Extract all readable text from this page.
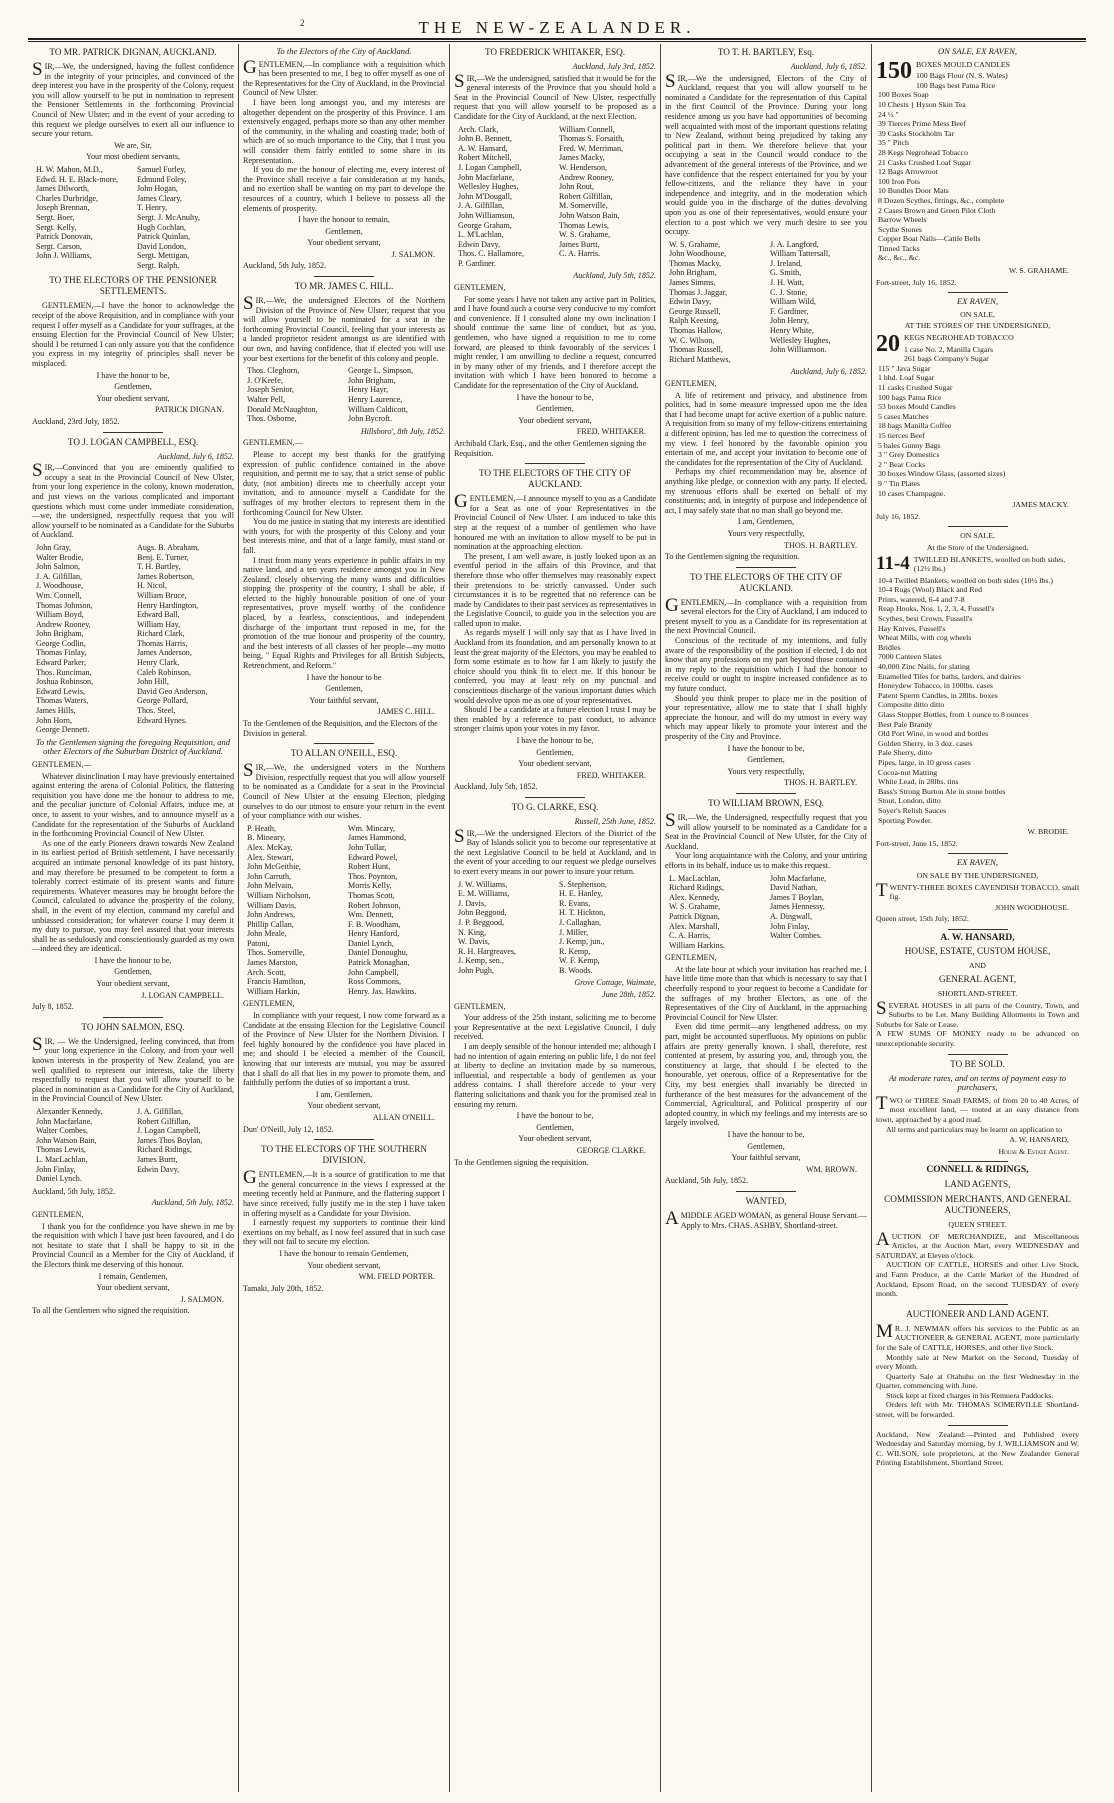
2	THE NEW-ZEALANDER.
TO MR. PATRICK DIGNAN, AUCKLAND.

SIR,—We, the undersigned, having the fullest confidence in the integrity of your principles, and convinced of the deep interest you have in the prosperity of the Colony, request you will allow yourself to be put in nomination to represent the Pensioner Settlements in the forthcoming Provincial Council of New Ulster; and in the event of your acceding to this request we pledge ourselves to exert all our influence to secure your return.

We are, Sir,
Your most obedient servants,
H. W. Mahon, M.D.,	Samuel Furley,
Edwd. H. E. Black-more,	Edmund Foley,
James Dilworth,	John Hogan,
Charles Durbridge,	James Cleary,
Joseph Brennan,	T. Henry,
Sergt. Boer,	Sergt. J. McAnulty,
Sergt. Kelly,	Hugh Cochlan,
Patrick Donovan,	Patrick Quinlan,
Sergt. Carson,	David London,
John J. Williams,	Sergt. Mettigan,
Sergt. Ralph.
TO THE ELECTORS OF THE PENSIONER SETTLEMENTS.

GENTLEMEN,—I have the honor to acknowledge the receipt of the above Requisition, and in compliance with your request I offer myself as a Candidate for your suffrages, at the ensuing Election for the Provincial Council of New Ulster; should I be returned I can only assure you that the confidence you express in my integrity of principles shall never be misplaced.

I have the honor to be,
Gentlemen,
Your obedient servant,
PATRICK DIGNAN.
Auckland, 23rd July, 1852.
TO J. LOGAN CAMPBELL, ESQ.
Auckland, July 6, 1852.

SIR,—Convinced that you are eminently qualified to occupy a seat in the Provincial Council of New Ulster, from your long experience in the colony, known moderation, and just views on the various complicated and important questions which must come under immediate consideration,—we, the undersigned, respectfully request that you will allow yourself to be nominated as a Candidate for the Suburbs of Auckland.

John Gray,	Augs. B. Abraham,
Walter Brodie,	Benj. E. Turner,
John Salmon,	T. H. Bartley,
J. A. Gilfillan,	James Robertson,
J. Woodhouse,	H. Nicol,
Wm. Connell,	William Bruce,
Thomas Johnson,	Henry Hardington,
William Boyd,	Edward Ball,
Andrew Rooney,	William Hay,
John Brigham,	Richard Clark,
George Codlin,	Thomas Harris,
Thomas Finlay,	James Anderson,
Edward Parker,	Henry Clark,
Thos. Runciman,	Caleb Robinson,
Joshua Robinson,	John Hill,
Edward Lewis,	David Geo Anderson,
Thomas Waters,	George Pollard,
James Hills,	Thos. Steel,
John Horn,	Edward Hynes.
George Dennett.
To the Gentlemen signing the foregoing Requisition, and other Electors of the Suburban District of Auckland.
GENTLEMEN,—

Whatever disinclination I may have previously entertained against entering the arena of Colonial Politics, the flattering requisition you have done me the honour to address to me, and the peculiar juncture of Colonial Affairs, induce me, at once, to assent to your wishes, and to announce myself as a Candidate for the representation of the Suburbs of Auckland in the forthcoming Provincial Council of New Ulster.

As one of the early Pioneers drawn towards New Zealand in its earliest period of British settlement, I have necessarily acquired an intimate personal knowledge of its past history, and may therefore be presumed to be competent to form a tolerably correct estimate of its present wants and future requirements. Whatever measures may be brought before the Council, calculated to advance the prosperity of the colony, shall, in the event of my election, command my careful and unbiassed consideration; for whatever course I may deem it my duty to pursue, you may feel assured that your interests shall be as sedulously and conscientiously guarded as my own—indeed they are identical.

I have the honour to be,
Gentlemen,
Your obedient servant,
J. LOGAN CAMPBELL.
July 8, 1852.
TO JOHN SALMON, ESQ.

SIR, — We the Undersigned, feeling convinced, that from your long experience in the Colony, and from your well known interests in the prosperity of New Zealand, you are well qualified to represent our interests, take the liberty respectfully to request that you will allow yourself to be placed in nomination as a Candidate for the City of Auckland, in the Provincial Council of New Ulster.

Alexander Kennedy,	J. A. Gilfillan,
John Macfarlane,	Robert Gilfillan,
Walter Combes,	J. Logan Campbell,
John Watson Bain,	James Thos Boylan,
Thomas Lewis,	Richard Ridings,
L. MacLachlan,	James Burtt,
John Finlay,	Edwin Davy,
Daniel Lynch.
Auckland, 5th July, 1852.
Auckland, 5th July, 1852.
GENTLEMEN,

I thank you for the confidence you have shewn in me by the requisition with which I have just been favoured, and I do not hesitate to state that I shall be happy to sit in the Provincial Council as a Member for the City of Auckland, if the Electors think me deserving of this honour.

I remain, Gentlemen,
Your obedient servant,
J. SALMON.
To all the Gentlemen who signed the requisition.
To the Electors of the City of Auckland.

GENTLEMEN,—In compliance with a requisition which has been presented to me, I beg to offer myself as one of the Representatives for the City of Auckland, in the Provincial Council of New Ulster.

I have been long amongst you, and my interests are altogether dependent on the prosperity of this Province. I am extensively engaged, perhaps more so than any other member of the community, in the whaling and coasting trade; both of which are of so much importance to the City, that I trust you will consider them fairly entitled to some share in its Representation.

If you do me the honour of electing me, every interest of the Province shall receive a fair consideration at my hands, and no exertion shall be wanting on my part to develope the resources of a country, which I believe to possess all the elements of prosperity.

I have the honour to remain,
Gentlemen,
Your obedient servant,
J. SALMON.
Auckland, 5th July, 1852.
TO MR. JAMES C. HILL.

SIR,—We, the undersigned Electors of the Northern Division of the Province of New Ulster, request that you will allow yourself to be nominated for a seat in the forthcoming Provincial Council, feeling that your interests as a landed proprietor resident amongst us are identified with our own, and having confidence, that if elected you will use your best exertions for the benefit of this colony and people.

Thos. Cleghorn,	George L. Simpson,
J. O'Keefe,	John Brigham,
Joseph Senior,	Henry Hayr,
Walter Pell,	Henry Laurence,
Donald McNaughton,	William Caldicott,
Thos. Osborne,	John Bycroft.
Hillsboro', 8th July, 1852.
GENTLEMEN,—

Please to accept my best thanks for the gratifying expression of public confidence contained in the above requisition, and permit me to say, that a strict sense of public duty, (not ambition) directs me to cheerfully accept your invitation, and to announce myself a Candidate for the suffrages of my brother electors to represent them in the forthcoming Council for New Ulster.

You do me justice in stating that my interests are identified with yours, for with the prosperity of this Colony and your best interests mine, and that of a large family, must stand or fall.

I trust from many years experience in public affairs in my native land, and a ten years residence amongst you in New Zealand, closely observing the many wants and difficulties stopping the prosperity of the country, I shall be able, if elected to the highly honourable position of one of your representatives, prove myself worthy of the confidence placed, by a fearless, conscientious, and independent discharge of the important trust reposed in me, for the promotion of the true honour and prosperity of the country, and the best interests of all classes of her people—my motto being, " Equal Rights and Privileges for all British Subjects, Retrenchment, and Reform."

I have the honour to be
Gentlemen,
Your faithful servant,
JAMES C. HILL.
To the Gentlemen of the Requisition, and the Electors of the Division in general.
TO ALLAN O'NEILL, ESQ.

SIR,—We, the undersigned voters in the Northern Division, respectfully request that you will allow yourself to be nominated as a Candidate for a seat in the Provincial Council of New Ulster at the ensuing Election, pledging ourselves to do our utmost to ensure your return in the event of your compliance with our wishes.

P. Heath,	Wm. Mincary,
B. Mineary,	James Hammond,
Alex. McKay,	John Tullar,
Alex. Stewart,	Edward Powel,
John McGeithie,	Robert Hunt,
John Carruth,	Thos. Poynton,
John Melvain,	Morris Kelly,
William Nicholson,	Thomas Scott,
William Davis,	Robert Johnson,
John Andrews,	Wm. Dennett,
Phillip Callan,	F. B. Woodham,
John Meale,	Henry Hanford,
Patoni,	Daniel Lynch,
Thos. Somerville,	Daniel Donoughu,
James Marston,	Patrick Monaghan,
Arch. Scott,	John Campbell,
Francis Hamilton,	Ross Commons,
William Harkin,	Henry. Jas. Hawkins.
GENTLEMEN,

In compliance with your request, I now come forward as a Candidate at the ensuing Election for the Legislative Council of the Province of New Ulster for the Northern Division. I feel highly honoured by the confidence you have placed in me; and should I be elected a member of the Council, knowing that our interests are mutual, you may be assured that I shall do all that lies in my power to promote them, and faithfully perform the duties of so important a trust.

I am, Gentlemen,
Your obedient servant,
ALLAN O'NEILL.
Dun' O'Neill, July 12, 1852.
TO THE ELECTORS OF THE SOUTHERN DIVISION.

GENTLEMEN,—It is a source of gratification to me that the general concurrence in the views I expressed at the meeting recently held at Panmure, and the flattering support I have since received, fully justify me in the step I have taken in offering myself as a Candidate for your Division.

I earnestly request my supporters to continue their kind exertions on my behalf, as I now feel assured that in such case they will not fail to secure my election.

I have the honour to remain Gentlemen,
Your obedient servant,
WM. FIELD PORTER.
Tamaki, July 20th, 1852.
TO FREDERICK WHITAKER, ESQ.
Auckland, July 3rd, 1852.

SIR,—We the undersigned, satisfied that it would be for the general interests of the Province that you should hold a Seat in the Provincial Council of New Ulster, respectfully request that you will allow yourself to be proposed as a Candidate for the City of Auckland, at the next Election.

Arch. Clark,	William Connell,
John B. Bennett,	Thomas S. Forsaith,
A. W. Hansard,	Fred. W. Merriman,
Robert Mitchell,	James Macky,
J. Logan Campbell,	W. Henderson,
John Macfarlane,	Andrew Rooney,
Wellesley Hughes,	John Rout,
John M'Dougall,	Robert Gilfillan,
J. A. Gilfillan,	M. Somerville,
John Williamson,	John Watson Bain,
George Graham,	Thomas Lewis,
L. M'Lachlan,	W. S. Grahame,
Edwin Davy,	James Burtt,
Thos. C. Hallamore,	C. A. Harris.
P. Gardiner.
Auckland, July 5th, 1852.
GENTLEMEN,

For some years I have not taken any active part in Politics, and I have found such a course very conducive to my comfort and convenience. If I consulted alone my own inclination I should continue the same line of conduct, but as you, gentlemen, who have signed a requisition to me to come forward, are pleased to think favourably of the services I might render, I am unwilling to decline a request, concurred in by many other of my friends, and I therefore accept the invitation with which I have been honored to become a Candidate for the representation of the City of Auckland.

I have the honour to be,
Gentlemen,
Your obedient servant,
FRED. WHITAKER.
Archibald Clark, Esq., and the other Gentlemen signing the Requisition.
TO THE ELECTORS OF THE CITY OF AUCKLAND.

GENTLEMEN,—I announce myself to you as a Candidate for a Seat as one of your Representatives in the Provincial Council of New Ulster. I am induced to take this step at the request of a number of gentlemen who have honoured me with an invitation to allow myself to be put in nomination at the approaching election.

The present, I am well aware, is justly looked upon as an eventful period in the affairs of this Province, and that therefore those who offer themselves may reasonably expect their pretensions to be strictly canvassed. Under such circumstances it is to be regretted that no reference can be made by Candidates to their past services as representatives in the Legislative Council, to guide you in the selection you are called upon to make.

As regards myself I will only say that as I have lived in Auckland from its foundation, and am personally known to at least the great majority of the Electors, you may be enabled to form some estimate as to how far I am likely to justify the choice should you think fit to elect me. If this honour be conferred, you may at least rely on my punctual and conscientious discharge of the various important duties which would devolve upon me as one of your representatives.

Should I be a candidate at a future election I trust I may be then enabled by a reference to past conduct, to advance stronger claims upon your votes in my favor.

I have the honour to be,
Gentlemen,
Your obedient servant,
FRED. WHITAKER.
Auckland, July 5th, 1852.
TO G. CLARKE, ESQ.
Russell, 25th June, 1852.

SIR,—We the undersigned Electors of the District of the Bay of Islands solicit you to become our representative at the next Legislative Council to be held at Auckland, and in the event of your acceding to our request we pledge ourselves to exert every means in our power to insure your return.

J. W. Williams,	S. Stephenson,
E. M. Williams,	H. E. Hanley,
J. Davis,	R. Evans,
John Beggood,	H. T. Hickton,
J. P. Beggood,	J. Callaghan,
N. King,	J. Miller,
W. Davis,	J. Kemp, jun.,
R. H. Hargreaves,	R. Kemp,
J. Kemp, sen.,	W. F. Kemp,
John Pugh,	B. Woods.
Grove Cottage, Waimate,
June 28th, 1852.
GENTLEMEN,

Your address of the 25th instant, soliciting me to become your Representative at the next Legislative Council, I duly received.

I am deeply sensible of the honour intended me; although I had no intention of again entering on public life, I do not feel at liberty to decline an invitation made by so numerous, influential, and respectable a body of gentlemen as your address contains. I shall therefore accede to your very flattering solicitations and thank you for the promised zeal in ensuring my return.

I have the honour to be,
Gentlemen,
Your obedient servant,
GEORGE CLARKE.
To the Gentlemen signing the requisition.
TO T. H. BARTLEY, Esq.
Auckland, July 6, 1852.

SIR,—We the undersigned, Electors of the City of Auckland, request that you will allow yourself to be nominated a Candidate for the representation of this Capital in the first Council of the Province. During your long residence among us you have had opportunities of becoming well acquainted with most of the important questions relating to New Zealand, without being prejudiced by taking any political part in them. We therefore believe that your occupying a seat in the Council would conduce to the advancement of the general interests of the Province, and we have confidence that the respect entertained for you by your fellow-citizens, and the reliance they have in your independence and integrity, and in the moderation which would guide you in the discharge of the duties devolving upon you as one of their representatives, would ensure your election to a post which we very much desire to see you occupy.

W. S. Grahame,	J. A. Langford,
John Woodhouse,	William Tattersall,
Thomas Macky,	J. Ireland,
John Brigham,	G. Smith,
James Simms,	J. H. Watt,
Thomas J. Jaggar,	C. J. Stone,
Edwin Davy,	William Wild,
George Russell,	F. Gardiner,
Ralph Keesing,	John Henry,
Thomas Hallow,	Henry White,
W. C. Wilson,	Wellesley Hughes,
Thomas Russell,	John Williamson.
Richard Matthews,
Auckland, July 6, 1852.
GENTLEMEN,

A life of retirement and privacy, and abstinence from politics, had in some measure impressed upon me the idea that I had become unapt for active exertion of a public nature. A requisition from so many of my fellow-citizens entertaining a different opinion, has led me to question the correctness of my view. I feel honored by the favorable opinion you entertain of me, and accept your invitation to become one of the candidates for the representation of the City of Auckland.

Perhaps my chief recommendation may be, absence of anything like pledge, or connexion with any party. If elected, my strenuous efforts shall be exerted on behalf of my constituents; and, in integrity of purpose and independence of act, I may safely state that no man shall go beyond me.

I am, Gentlemen,
Yours very respectfully,
THOS. H. BARTLEY.
To the Gentlemen signing the requisition.
TO THE ELECTORS OF THE CITY OF AUCKLAND.

GENTLEMEN,—In compliance with a requisition from several electors for the City of Auckland, I am induced to present myself to you as a Candidate for its representation at the next Provincial Council.

Conscious of the rectitude of my intentions, and fully aware of the responsibility of the position if elected, I do not know that any professions on my part beyond those contained in my reply to the requisition which I had the honour to receive could or ought to inspire increased confidence as to my future conduct.

Should you think proper to place me in the position of your representative, allow me to state that I shall highly appreciate the honour, and will do my utmost in every way which may appear likely to promote your interest and the prosperity of the City and Province.

I have the honour to be,
Gentlemen,
Yours very respectfully,
THOS. H. BARTLEY.
TO WILLIAM BROWN, ESQ.

SIR,—We, the Undersigned, respectfully request that you will allow yourself to be nominated as a Candidate for a Seat in the Provincial Council of New Ulster, for the City of Auckland.

Your long acquaintance with the Colony, and your untiring efforts in its behalf, induce us to make this request.

L. MacLachlan,	John Macfarlane,
Richard Ridings,	David Nathan,
Alex. Kennedy,	James T Boylan,
W. S. Grahame,	James Hennessy,
Patrick Dignan,	A. Dingwall,
Alex. Marshall,	John Finlay,
C. A. Harris,	Walter Combes.
William Harkins.
GENTLEMEN,

At the late hour at which your invitation has reached me, I have little time more than that which is necessary to say that I cheerfully respond to your request to become a Candidate for the suffrages of my brother Electors, as one of the Representatives of the City of Auckland, in the approaching Provincial Council for New Ulster.

Even did time permit—any lengthened address, on my part, might be accounted superfluous. My opinions on public affairs are pretty generally known. I shall, therefore, rest contented at present, by assuring you, and, through you, the constituency at large, that should I be elected to the honourable, yet onerous, office of a Representative for the City, my best energies shall invariably be directed in furtherance of the best measures for the advancement of the Commercial, Agricultural, and Political prosperity of our adopted country, in which my feelings and my interests are so largely involved.

I have the honour to be,
Gentlemen,
Your faithful servant,
WM. BROWN.
Auckland, 5th July, 1852.
WANTED,

AMIDDLE AGED WOMAN, as general House Servant.—Apply to Mrs. CHAS. ASHBY, Shortland-street.

ON SALE, EX RAVEN,
150 BOXES MOULD CANDLES
100 Bags Flour (N. S. Wales)
100 Bags best Patna Rice
100 Boxes Soap
10 Chests } Hyson Skin Tea
24 ½ "
39 Tierces Prime Mess Beef
39 Casks Stockholm Tar
35 " Pitch
28 Kegs Negrohead Tobacco
21 Casks Crushed Loaf Sugar
12 Bags Arrowroot
100 Iron Pots
10 Bundles Door Mats
8 Dozen Scythes, fittings, &c., complete
2 Cases Brown and Green Pilot Cloth
Barrow Wheels
Scythe Stones
Copper Boat Nails—Cattle Bells
Tinned Tacks
&c., &c., &c.
W. S. GRAHAME.
Fort-street, July 16, 1852.
EX RAVEN,
ON SALE,
AT THE STORES OF THE UNDERSIGNED,
20 KEGS NEGROHEAD TOBACCO
1 case No. 2, Manilla Cigars
261 bags Company's Sugar
115 " Java Sugar
1 hhd. Loaf Sugar
11 casks Crushed Sugar
100 bags Patna Rice
53 boxes Mould Candles
5 cases Matches
18 bags Manilla Coffee
15 tierces Beef
5 bales Gunny Bags
3 " Grey Domestics
2 " Bear Cocks
30 boxes Window Glass, (assorted sizes)
9 " Tin Plates
10 cases Champagne.
JAMES MACKY.
July 16, 1852.
ON SALE,
At the Store of the Undersigned,
11-4 TWILLED BLANKETS, woolled on both sides, (12½ lbs.)
10-4 Twilled Blankets, woolled on both sides (10½ lbs.)
10-4 Rugs (Wool) Black and Red
Prints, watered, 6-4 and 7-8
Reap Hooks, Nos. 1, 2, 3, 4, Fussell's
Scythes, best Crown, Fussell's
Hay Knives, Fussell's
Wheat Mills, with cog wheels
Bridles
7000 Canteen Slates
40,000 Zinc Nails, for slating
Enamelled Tiles for baths, larders, and dairies
Honeydew Tobacco, in 100lbs. cases
Patent Sperm Candles, in 28lbs. boxes
Composite ditto ditto
Glass Stopper Bottles, from 1 ounce to 8 ounces
Best Pale Brandy
Old Port Wine, in wood and bottles
Golden Sherry, in 3 doz. cases
Pale Sherry, ditto
Pipes, large, in 10 gross cases
Cocoa-nut Matting
White Lead, in 28lbs. tins
Bass's Strong Burton Ale in stone bottles
Stout, London, ditto
Soyer's Relish Sauces
Sporting Powder.
W. BRODIE.
Fort-street, June 15, 1852.
EX RAVEN,
ON SALE BY THE UNDERSIGNED,

TWENTY-THREE BOXES CAVENDISH TOBACCO, small fig.

JOHN WOODHOUSE.
Queen street, 15th July, 1852.
A. W. HANSARD,
HOUSE, ESTATE, CUSTOM HOUSE,
AND
GENERAL AGENT,
SHORTLAND-STREET.

SEVERAL HOUSES in all parts of the Country, Town, and Suburbs to be Let. Many Building Allotments in Town and Suburbs for Sale or Lease.

A FEW SUMS OF MONEY ready to be advanced on unexceptionable security.

TO BE SOLD.
At moderate rates, and on terms of payment easy to purchasers,

TWO or THREE Small FARMS, of from 20 to 40 Acres, of most excellent land, — touted at an easy distance from town, approached by a good road.

All terms and particulars may be learnt on application to

A. W. HANSARD,
House & Estate Agent.
CONNELL & RIDINGS,
LAND AGENTS,
COMMISSION MERCHANTS, AND GENERAL AUCTIONEERS,
QUEEN STREET.

AUCTION OF MERCHANDIZE, and Miscellaneous Articles, at the Auction Mart, every WEDNESDAY and SATURDAY, at Eleven o'clock.

AUCTION OF CATTLE, HORSES and other Live Stock, and Farm Produce, at the Cattle Market of the Hundred of Auckland, Epsom Road, on the second TUESDAY of every month.

AUCTIONEER AND LAND AGENT.

MR. J. NEWMAN offers his services to the Public as an AUCTIONEER & GENERAL AGENT, more particularly for the Sale of CATTLE, HORSES, and other live Stock.

Monthly sale at New Market on the Second, Tuesday of every Month.

Quarterly Sale at Otahuhu on the first Wednesday in the Quarter, commencing with June.

Stock kept at fixed charges in his Remuera Paddocks.

Orders left with Mr. THOMAS SOMERVILLE Shortland-street, will be forwarded.

Auckland, New Zealand:—Printed and Published every Wednesday and Saturday morning, by J. WILLIAMSON and W. C. WILSON, sole proprietors, at the New Zealander General Printing Establishment, Shortland Street.
